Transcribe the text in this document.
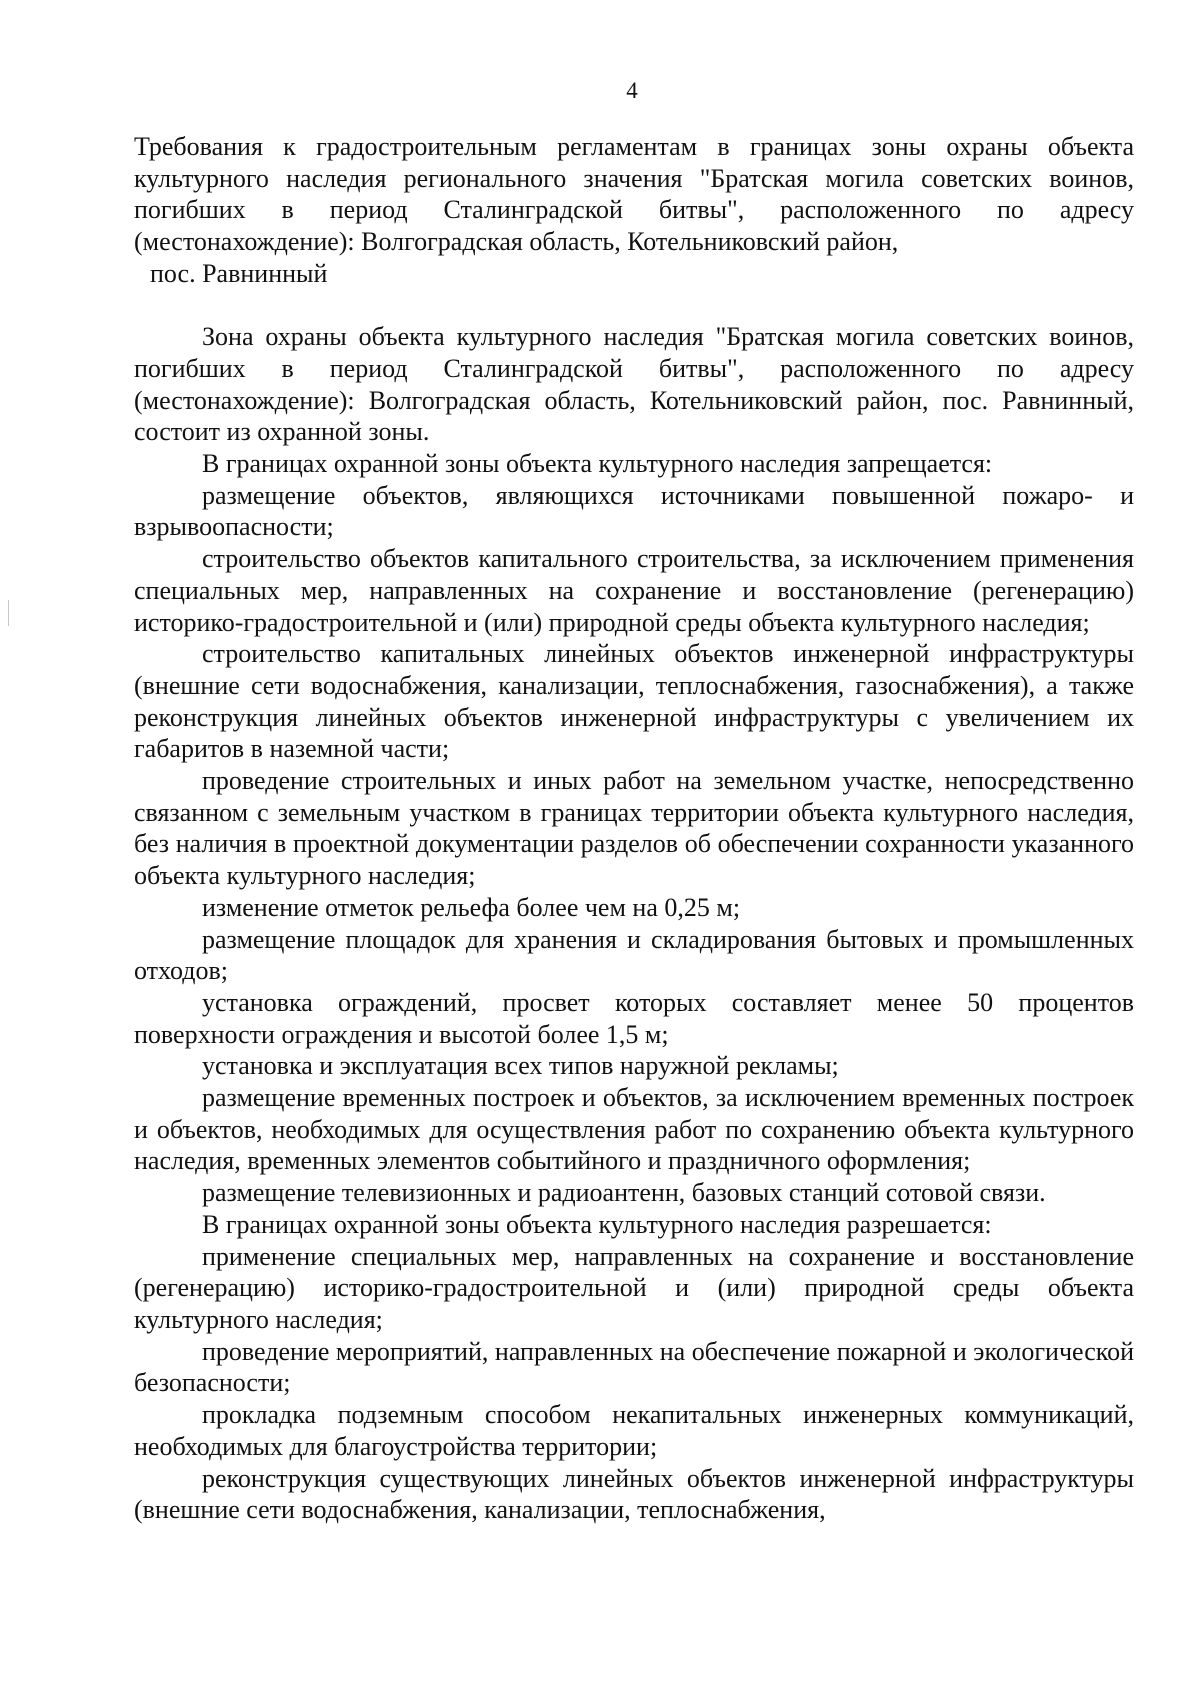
4
Требования к градостроительным регламентам в границах зоны охраны объекта культурного наследия регионального значения "Братская могила советских воинов, погибших в период Сталинградской битвы", расположенного по адресу (местонахождение): Волгоградская область, Котельниковский район,
пос. Равнинный

Зона охраны объекта культурного наследия "Братская могила советских воинов, погибших в период Сталинградской битвы", расположенного по адресу (местонахождение): Волгоградская область, Котельниковский район, пос. Равнинный, состоит из охранной зоны.

В границах охранной зоны объекта культурного наследия запрещается:

размещение объектов, являющихся источниками повышенной пожаро- и взрывоопасности;

строительство объектов капитального строительства, за исключением применения специальных мер, направленных на сохранение и восстановление (регенерацию) историко-градостроительной и (или) природной среды объекта культурного наследия;

строительство капитальных линейных объектов инженерной инфраструктуры (внешние сети водоснабжения, канализации, теплоснабжения, газоснабжения), а также реконструкция линейных объектов инженерной инфраструктуры с увеличением их габаритов в наземной части;

проведение строительных и иных работ на земельном участке, непосредственно связанном с земельным участком в границах территории объекта культурного наследия, без наличия в проектной документации разделов об обеспечении сохранности указанного объекта культурного наследия;

изменение отметок рельефа более чем на 0,25 м;

размещение площадок для хранения и складирования бытовых и промышленных отходов;

установка ограждений, просвет которых составляет менее 50 процентов поверхности ограждения и высотой более 1,5 м;

установка и эксплуатация всех типов наружной рекламы;

размещение временных построек и объектов, за исключением временных построек и объектов, необходимых для осуществления работ по сохранению объекта культурного наследия, временных элементов событийного и праздничного оформления;

размещение телевизионных и радиоантенн, базовых станций сотовой связи.

В границах охранной зоны объекта культурного наследия разрешается:

применение специальных мер, направленных на сохранение и восстановление (регенерацию) историко-градостроительной и (или) природной среды объекта культурного наследия;

проведение мероприятий, направленных на обеспечение пожарной и экологической безопасности;

прокладка подземным способом некапитальных инженерных коммуникаций, необходимых для благоустройства территории;

реконструкция существующих линейных объектов инженерной инфраструктуры (внешние сети водоснабжения, канализации, теплоснабжения,
